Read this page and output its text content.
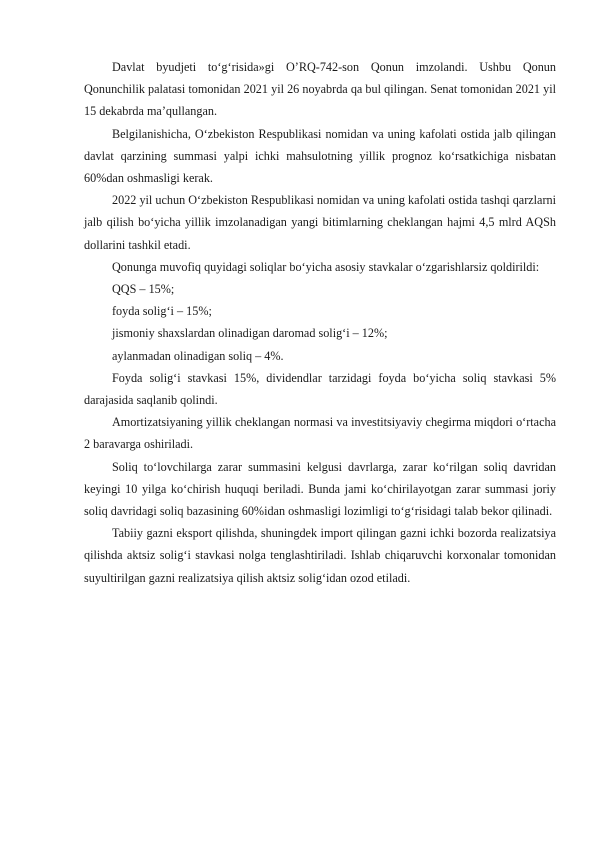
Davlat byudjeti toʻgʻrisida»gi OʼRQ-742-son Qonun imzolandi. Ushbu Qonun Qonunchilik palatasi tomonidan 2021 yil 26 noyabrda qa bul qilingan. Senat tomonidan 2021 yil 15 dekabrda maʼqullangan.

Belgilanishicha, Oʻzbekiston Respublikasi nomidan va uning kafolati ostida jalb qilingan davlat qarzining summasi yalpi ichki mahsulotning yillik prognoz koʻrsatkichiga nisbatan 60%dan oshmasligi kerak.

2022 yil uchun Oʻzbekiston Respublikasi nomidan va uning kafolati ostida tashqi qarzlarni jalb qilish boʻyicha yillik imzolanadigan yangi bitimlarning cheklangan hajmi 4,5 mlrd AQSh dollarini tashkil etadi.

Qonunga muvofiq quyidagi soliqlar boʻyicha asosiy stavkalar oʻzgarishlarsiz qoldirildi:

QQS – 15%;

foyda soligʻi – 15%;

jismoniy shaxslardan olinadigan daromad soligʻi – 12%;

aylanmadan olinadigan soliq – 4%.

Foyda soligʻi stavkasi 15%, dividendlar tarzidagi foyda boʻyicha soliq stavkasi 5% darajasida saqlanib qolindi.

Amortizatsiyaning yillik cheklangan normasi va investitsiyaviy chegirma miqdori oʻrtacha 2 baravarga oshiriladi.

Soliq toʻlovchilarga zarar summasini kelgusi davrlarga, zarar koʻrilgan soliq davridan keyingi 10 yilga koʻchirish huquqi beriladi. Bunda jami koʻchirilayotgan zarar summasi joriy soliq davridagi soliq bazasining 60%idan oshmasligi lozimligi toʻgʻrisidagi talab bekor qilinadi.

Tabiiy gazni eksport qilishda, shuningdek import qilingan gazni ichki bozorda realizatsiya qilishda aktsiz soligʻi stavkasi nolga tenglashtiriladi. Ishlab chiqaruvchi korxonalar tomonidan suyultirilgan gazni realizatsiya qilish aktsiz soligʻidan ozod etiladi.
